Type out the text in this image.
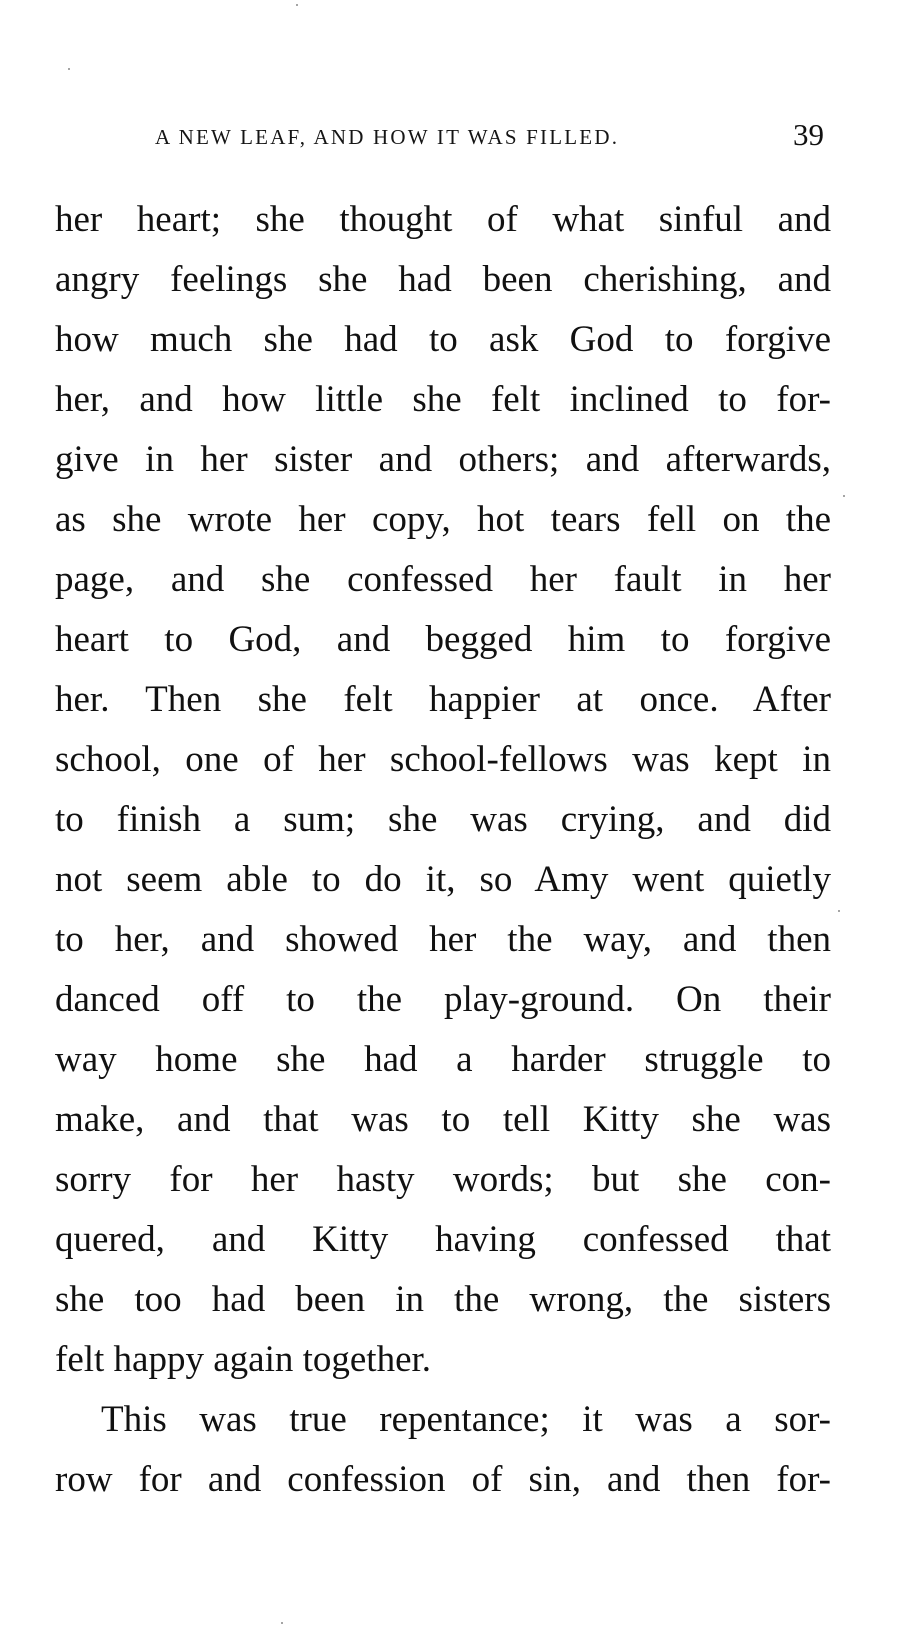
A NEW LEAF, AND HOW IT WAS FILLED.	39
her heart; she thought of what sinful and
angry feelings she had been cherishing, and
how much she had to ask God to forgive
her, and how little she felt inclined to for-
give in her sister and others; and afterwards,
as she wrote her copy, hot tears fell on the
page, and she confessed her fault in her
heart to God, and begged him to forgive
her. Then she felt happier at once. After
school, one of her school-fellows was kept in
to finish a sum; she was crying, and did
not seem able to do it, so Amy went quietly
to her, and showed her the way, and then
danced off to the play-ground. On their
way home she had a harder struggle to
make, and that was to tell Kitty she was
sorry for her hasty words; but she con-
quered, and Kitty having confessed that
she too had been in the wrong, the sisters
felt happy again together.
This was true repentance; it was a sor-
row for and confession of sin, and then for-
